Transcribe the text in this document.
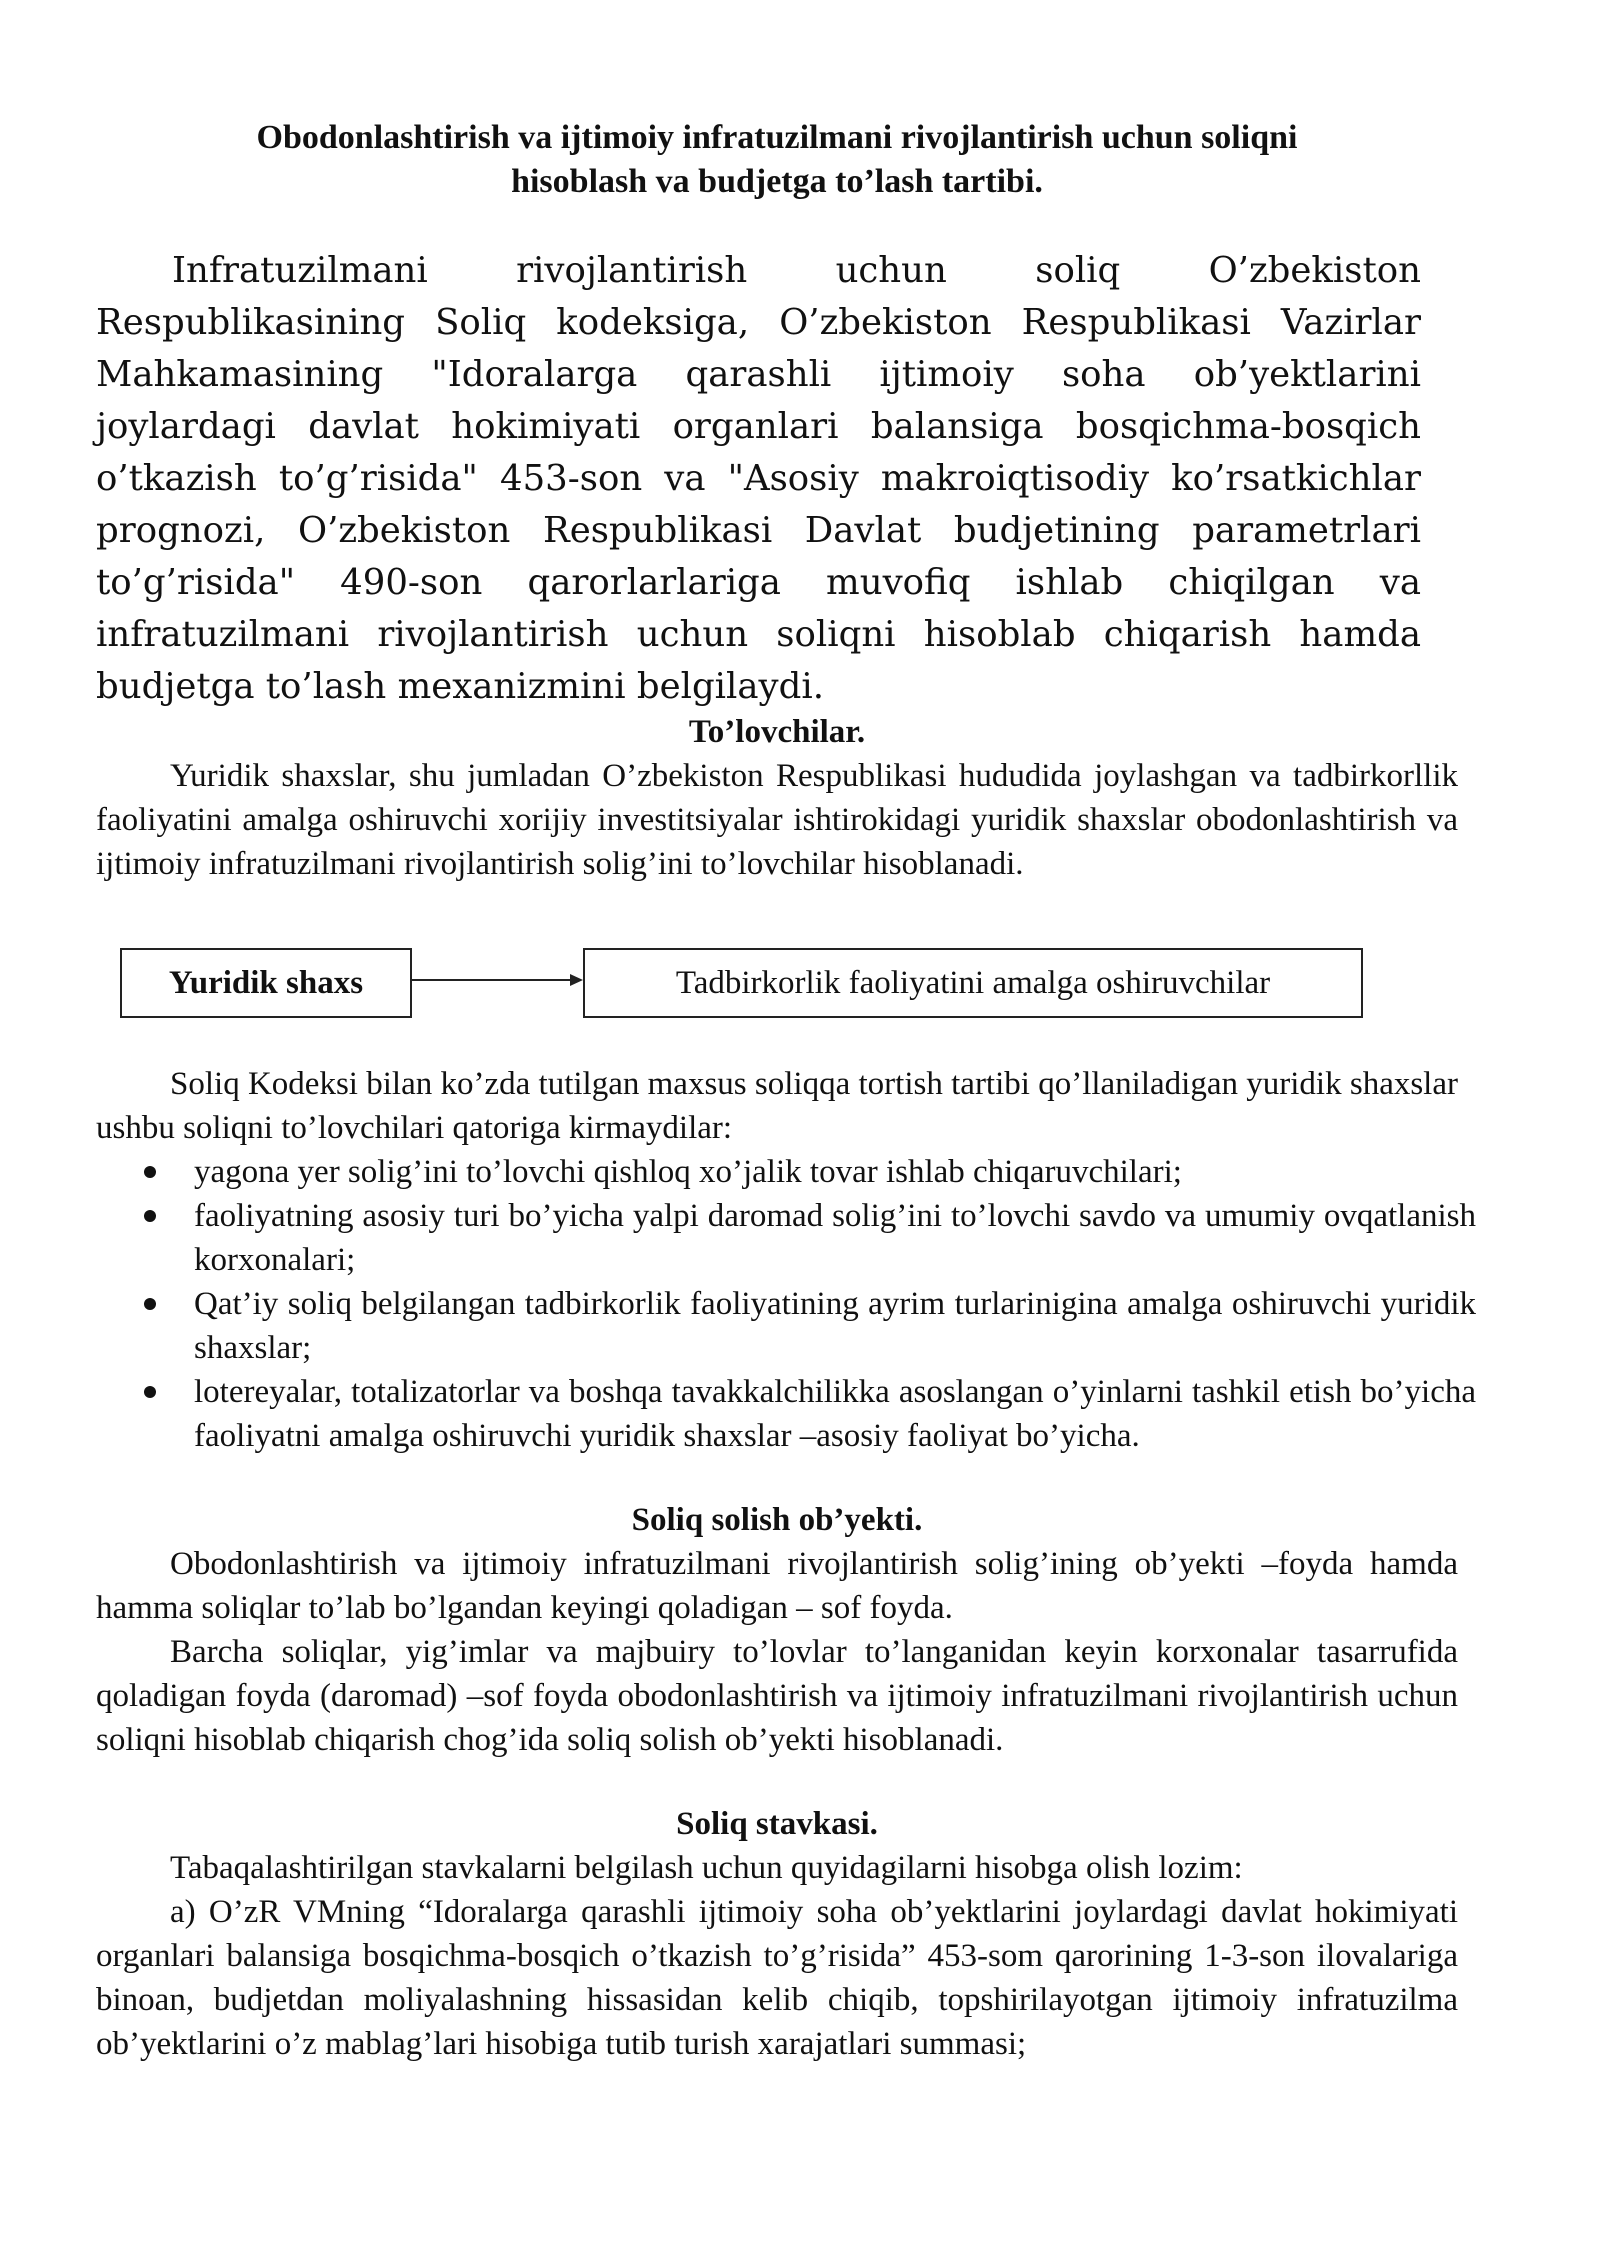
Obodonlashtirish va ijtimoiy infratuzilmani rivojlantirish uchun soliqni
hisoblash va budjetga to’lash tartibi.

Infratuzilmani rivojlantirish uchun soliq O’zbekiston Respublikasining Soliq kodeksiga, O’zbekiston Respublikasi Vazirlar Mahkamasining "Idoralarga qarashli ijtimoiy soha ob’yektlarini joylardagi davlat hokimiyati organlari balansiga bosqichma-bosqich o’tkazish to’g’risida" 453-son va "Asosiy makroiqtisodiy ko’rsatkichlar prognozi, O’zbekiston Respublikasi Davlat budjetining parametrlari to’g’risida" 490-son qarorlarlariga muvofiq ishlab chiqilgan va infratuzilmani rivojlantirish uchun soliqni hisoblab chiqarish hamda budjetga to’lash mexanizmini belgilaydi.

To’lovchilar.

Yuridik shaxslar, shu jumladan O’zbekiston Respublikasi hududida joylashgan va tadbirkorllik faoliyatini amalga oshiruvchi xorijiy investitsiyalar ishtirokidagi yuridik shaxslar obodonlashtirish va ijtimoiy infratuzilmani rivojlantirish solig’ini to’lovchilar hisoblanadi.

Yuridik shaxs	Tadbirkorlik faoliyatini amalga oshiruvchilar

Soliq Kodeksi bilan ko’zda tutilgan maxsus soliqqa tortish tartibi qo’llaniladigan yuridik shaxslar ushbu soliqni to’lovchilari qatoriga kirmaydilar:

yagona yer solig’ini to’lovchi qishloq xo’jalik tovar ishlab chiqaruvchilari;
faoliyatning asosiy turi bo’yicha yalpi daromad solig’ini to’lovchi savdo va umumiy ovqatlanish korxonalari;
Qat’iy soliq belgilangan tadbirkorlik faoliyatining ayrim turlarinigina amalga oshiruvchi yuridik shaxslar;
lotereyalar, totalizatorlar va boshqa tavakkalchilikka asoslangan o’yinlarni tashkil etish bo’yicha faoliyatni amalga oshiruvchi yuridik shaxslar –asosiy faoliyat bo’yicha.

Soliq solish ob’yekti.

Obodonlashtirish va ijtimoiy infratuzilmani rivojlantirish solig’ining ob’yekti –foyda hamda hamma soliqlar to’lab bo’lgandan keyingi qoladigan – sof foyda.

Barcha soliqlar, yig’imlar va majbuiry to’lovlar to’langanidan keyin korxonalar tasarrufida qoladigan foyda (daromad) –sof foyda obodonlashtirish va ijtimoiy infratuzilmani rivojlantirish uchun soliqni hisoblab chiqarish chog’ida soliq solish ob’yekti hisoblanadi.

Soliq stavkasi.

Tabaqalashtirilgan stavkalarni belgilash uchun quyidagilarni hisobga olish lozim:

a) O’zR VMning “Idoralarga qarashli ijtimoiy soha ob’yektlarini joylardagi davlat hokimiyati organlari balansiga bosqichma-bosqich o’tkazish to’g’risida” 453-som qarorining 1-3-son ilovalariga binoan, budjetdan moliyalashning hissasidan kelib chiqib, topshirilayotgan ijtimoiy infratuzilma ob’yektlarini o’z mablag’lari hisobiga tutib turish xarajatlari summasi;
